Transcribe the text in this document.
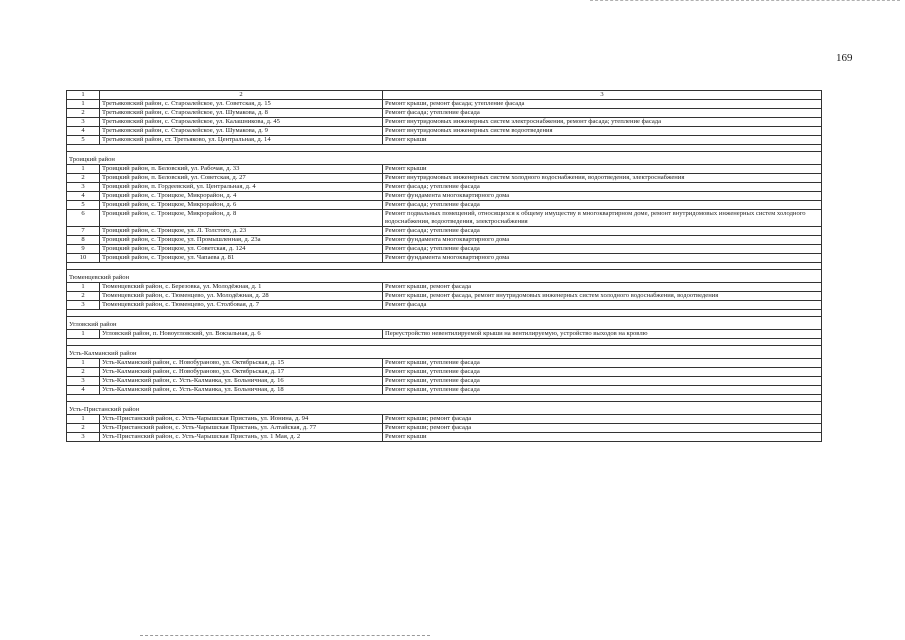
169
1	2	3
1	Третьяковский район, с. Староалейское, ул. Советская, д. 15	Ремонт крыши, ремонт фасада; утепление фасада
2	Третьяковский район, с. Староалейское, ул. Шумакова, д. 8	Ремонт фасада; утепление фасада
3	Третьяковский район, с. Староалейское, ул. Калашникова, д. 45	Ремонт внутридомовых инженерных систем электроснабжения, ремонт фасада; утепление фасада
4	Третьяковский район, с. Староалейское, ул. Шумакова, д. 9	Ремонт внутридомовых инженерных систем водоотведения
5	Третьяковский район, ст. Третьяково, ул. Центральная, д. 14	Ремонт крыши

Троицкий район		
1	Троицкий район, п. Беловский, ул. Рабочая, д. 33	Ремонт крыши
2	Троицкий район, п. Беловский, ул. Советская, д. 27	Ремонт внутридомовых инженерных систем холодного водоснабжения, водоотведения, электроснабжения
3	Троицкий район, п. Гордеевский, ул. Центральная, д. 4	Ремонт фасада; утепление фасада
4	Троицкий район, с. Троицкое, Микрорайон, д. 4	Ремонт фундамента многоквартирного дома
5	Троицкий район, с. Троицкое, Микрорайон, д. 6	Ремонт фасада; утепление фасада
6	Троицкий район, с. Троицкое, Микрорайон, д. 8	Ремонт подвальных помещений, относящихся к общему имуществу в многоквартирном доме, ремонт внутридомовых инженерных систем холодного водоснабжения, водоотведения, электроснабжения
7	Троицкий район, с. Троицкое, ул. Л. Толстого, д. 23	Ремонт фасада; утепление фасада
8	Троицкий район, с. Троицкое, ул. Промышленная, д. 23а	Ремонт фундамента многоквартирного дома
9	Троицкий район, с. Троицкое, ул. Советская, д. 124	Ремонт фасада; утепление фасада
10	Троицкий район, с. Троицкое, ул. Чапаева д. 81	Ремонт фундамента многоквартирного дома

Тюменцевский район		
1	Тюменцевский район, с. Березовка, ул. Молодёжная, д. 1	Ремонт крыши, ремонт фасада
2	Тюменцевский район, с. Тюменцево, ул. Молодёжная, д. 28	Ремонт крыши, ремонт фасада, ремонт внутридомовых инженерных систем холодного водоснабжения, водоотведения
3	Тюменцевский район, с. Тюменцево, ул. Столбовая, д. 7	Ремонт фасада

Угловский район		
1	Угловский район, п. Новоугловский, ул. Вокзальная, д. 6	Переустройство невентилируемой крыши на вентилируемую, устройство выходов на кровлю

Усть-Калманский район		
1	Усть-Калманский район, с. Новобураново, ул. Октябрьская, д. 15	Ремонт крыши, утепление фасада
2	Усть-Калманский район, с. Новобураново, ул. Октябрьская, д. 17	Ремонт крыши, утепление фасада
3	Усть-Калманский район, с. Усть-Калманка, ул. Больничная, д. 16	Ремонт крыши, утепление фасада
4	Усть-Калманский район, с. Усть-Калманка, ул. Больничная, д. 18	Ремонт крыши, утепление фасада

Усть-Пристанский район		
1	Усть-Пристанский район, с. Усть-Чарышская Пристань, ул. Ионина, д. 94	Ремонт крыши; ремонт фасада
2	Усть-Пристанский район, с. Усть-Чарышская Пристань, ул. Алтайская, д. 77	Ремонт крыши; ремонт фасада
3	Усть-Пристанский район, с. Усть-Чарышская Пристань, ул. 1 Мая, д. 2	Ремонт крыши
